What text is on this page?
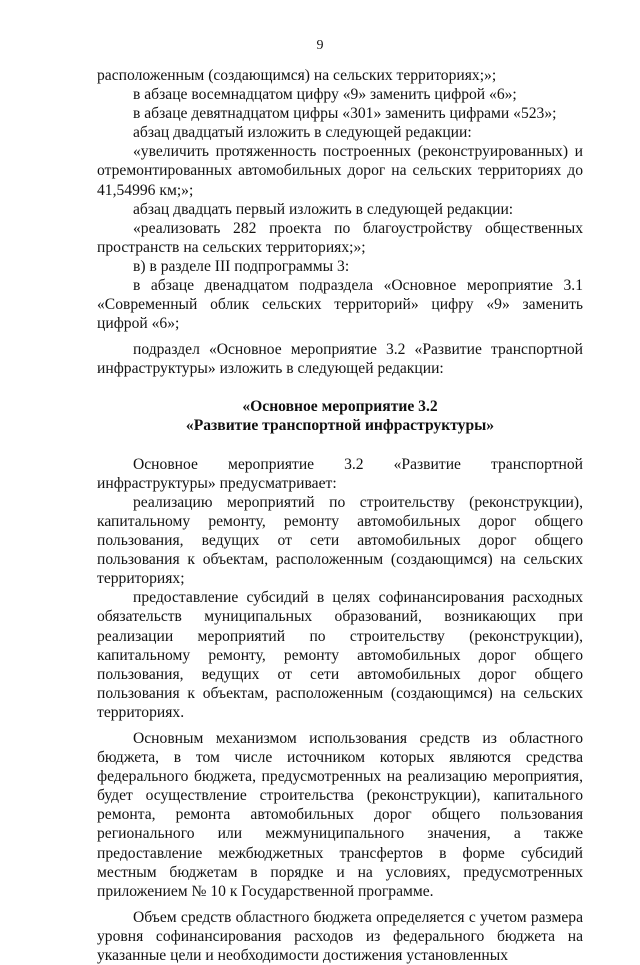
9

расположенным (создающимся) на сельских территориях;»;

в абзаце восемнадцатом цифру «9» заменить цифрой «6»;

в абзаце девятнадцатом цифры «301» заменить цифрами «523»;

абзац двадцатый изложить в следующей редакции:

«увеличить протяженность построенных (реконструированных) и отремонтированных автомобильных дорог на сельских территориях до 41,54996 км;»;

абзац двадцать первый изложить в следующей редакции:

«реализовать 282 проекта по благоустройству общественных пространств на сельских территориях;»;

в) в разделе III подпрограммы 3:

в абзаце двенадцатом подраздела «Основное мероприятие 3.1 «Современный облик сельских территорий» цифру «9» заменить цифрой «6»;

подраздел «Основное мероприятие 3.2 «Развитие транспортной инфраструктуры» изложить в следующей редакции:

«Основное мероприятие 3.2

«Развитие транспортной инфраструктуры»

Основное мероприятие 3.2 «Развитие транспортной инфраструктуры» предусматривает:

реализацию мероприятий по строительству (реконструкции), капитальному ремонту, ремонту автомобильных дорог общего пользования, ведущих от сети автомобильных дорог общего пользования к объектам, расположенным (создающимся) на сельских территориях;

предоставление субсидий в целях софинансирования расходных обязательств муниципальных образований, возникающих при реализации мероприятий по строительству (реконструкции), капитальному ремонту, ремонту автомобильных дорог общего пользования, ведущих от сети автомобильных дорог общего пользования к объектам, расположенным (создающимся) на сельских территориях.

Основным механизмом использования средств из областного бюджета, в том числе источником которых являются средства федерального бюджета, предусмотренных на реализацию мероприятия, будет осуществление строительства (реконструкции), капитального ремонта, ремонта автомобильных дорог общего пользования регионального или межмуниципального значения, а также предоставление межбюджетных трансфертов в форме субсидий местным бюджетам в порядке и на условиях, предусмотренных приложением № 10 к Государственной программе.

Объем средств областного бюджета определяется с учетом размера уровня софинансирования расходов из федерального бюджета на указанные цели и необходимости достижения установленных
